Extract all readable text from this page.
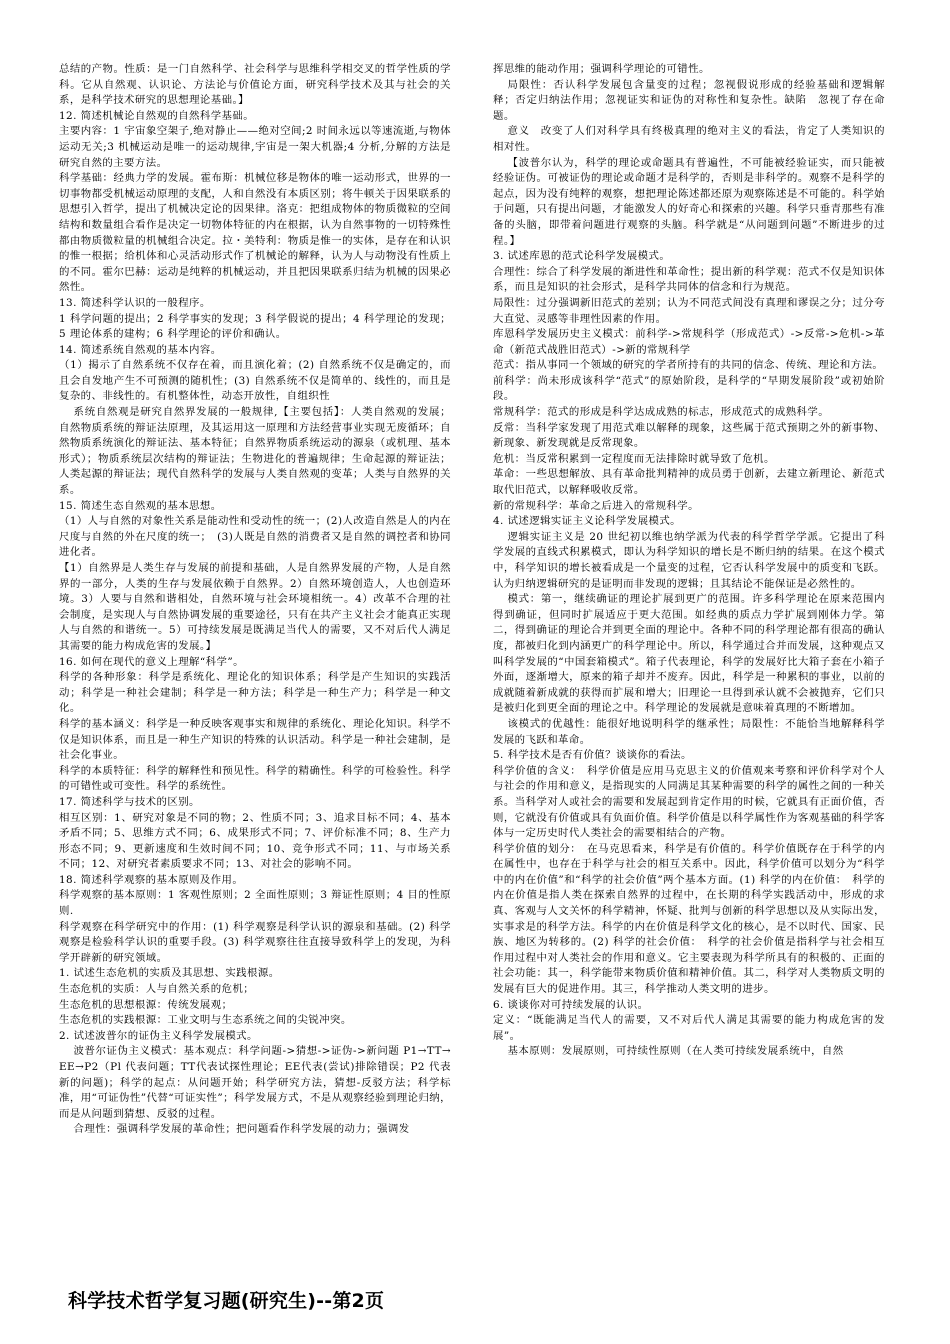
总结的产物。性质：是一门自然科学、社会科学与思维科学相交叉的哲学性质的学科。它从自然观、认识论、方法论与价值论方面，研究科学技术及其与社会的关系，是科学技术研究的思想理论基础。】

12. 简述机械论自然观的自然科学基础。

主要内容：1 宇宙象空架子,绝对静止——绝对空间;2 时间永远以等速流逝,与物体运动无关;3 机械运动是唯一的运动规律,宇宙是一架大机器;4 分析,分解的方法是研究自然的主要方法。

科学基础：经典力学的发展。霍布斯：机械位移是物体的唯一运动形式，世界的一切事物都受机械运动原理的支配，人和自然没有本质区别；将牛顿关于因果联系的思想引入哲学，提出了机械决定论的因果律。洛克：把组成物体的物质微粒的空间结构和数量组合看作是决定一切物体特征的内在根据，认为自然事物的一切特殊性都由物质微粒量的机械组合决定。拉・美特利：物质是惟一的实体，是存在和认识的惟一根据；给机体和心灵活动形式作了机械论的解释，认为人与动物没有性质上的不同。霍尔巴赫：运动是纯粹的机械运动，并且把因果联系归结为机械的因果必然性。

13. 简述科学认识的一般程序。

1 科学问题的提出；2 科学事实的发现；3 科学假说的提出；4 科学理论的发现；5 理论体系的建构；6 科学理论的评价和确认。

14. 简述系统自然观的基本内容。

（1）揭示了自然系统不仅存在着，而且演化着；(2) 自然系统不仅是确定的，而且会自发地产生不可预测的随机性；(3) 自然系统不仅是简单的、线性的，而且是复杂的、非线性的。有机整体性，动态开放性，自组织性

系统自然观是研究自然界发展的一般规律,【主要包括】：人类自然观的发展；自然物质系统的辩证法原理，及其运用这一原理和方法经营事业实现无废循环；自然物质系统演化的辩证法、基本特征；自然界物质系统运动的源泉（或机理、基本形式）；物质系统层次结构的辩证法；生物进化的普遍规律；生命起源的辩证法；人类起源的辩证法；现代自然科学的发展与人类自然观的变革；人类与自然界的关系。

15. 简述生态自然观的基本思想。

（1）人与自然的对象性关系是能动性和受动性的统一；(2)人改造自然是人的内在尺度与自然的外在尺度的统一；　(3)人既是自然的消费者又是自然的调控者和协同进化者。

【1）自然界是人类生存与发展的前提和基础，人是自然界发展的产物，人是自然界的一部分，人类的生存与发展依赖于自然界。2）自然环境创造人，人也创造环境。3）人要与自然和谐相处，自然环境与社会环境相统一。4）改革不合理的社会制度，是实现人与自然协调发展的重要途径，只有在共产主义社会才能真正实现人与自然的和谐统一。5）可持续发展是既满足当代人的需要，又不对后代人满足其需要的能力构成危害的发展。】

16. 如何在现代的意义上理解“科学”。

科学的各种形象：科学是系统化、理论化的知识体系；科学是产生知识的实践活动；科学是一种社会建制；科学是一种方法；科学是一种生产力；科学是一种文化。

科学的基本涵义：科学是一种反映客观事实和规律的系统化、理论化知识。科学不仅是知识体系，而且是一种生产知识的特殊的认识活动。科学是一种社会建制，是社会化事业。

科学的本质特征：科学的解释性和预见性。科学的精确性。科学的可检验性。科学的可错性或可变性。科学的系统性。

17. 简述科学与技术的区别。

相互区别：1、研究对象是不同的物；2、性质不同；3、追求目标不同；4、基本矛盾不同；5、思维方式不同；6、成果形式不同；7、评价标准不同；8、生产力形态不同；9、更新速度和生效时间不同；10、竞争形式不同；11、与市场关系不同；12、对研究者素质要求不同；13、对社会的影响不同。

18. 简述科学观察的基本原则及作用。

科学观察的基本原则：1 客观性原则；2 全面性原则；3 辩证性原则；4 目的性原则.

科学观察在科学研究中的作用：(1) 科学观察是科学认识的源泉和基础。(2) 科学观察是检验科学认识的重要手段。(3) 科学观察往往直接导致科学上的发现，为科学开辟新的研究领域。

1. 试述生态危机的实质及其思想、实践根源。

生态危机的实质：人与自然关系的危机；

生态危机的思想根源：传统发展观；

生态危机的实践根源：工业文明与生态系统之间的尖锐冲突。

2. 试述波普尔的证伪主义科学发展模式。

波普尔证伪主义模式：基本观点：科学问题->猜想->证伪->新问题 P1→TT→EE→P2（Pl 代表问题；TT代表试探性理论；EE代表(尝试)排除错误；P2 代表新的问题)；科学的起点：从问题开始；科学研究方法，猜想-反驳方法；科学标准，用“可证伪性”代替“可证实性”；科学发展方式，不是从观察经验到理论归纳，而是从问题到猜想、反驳的过程。

合理性：强调科学发展的革命性；把问题看作科学发展的动力；强调发

挥思维的能动作用；强调科学理论的可错性。

局限性：否认科学发展包含量变的过程；忽视假说形成的经验基础和逻辑解释；否定归纳法作用；忽视证实和证伪的对称性和复杂性。缺陷　忽视了存在命题。

意义　改变了人们对科学具有终极真理的绝对主义的看法，肯定了人类知识的相对性。

【波普尔认为，科学的理论或命题具有普遍性，不可能被经验证实，而只能被经验证伪。可被证伪的理论或命题才是科学的，否则是非科学的。观察不是科学的起点，因为没有纯粹的观察，想把理论陈述都还原为观察陈述是不可能的。科学始于问题，只有提出问题，才能激发人的好奇心和探索的兴趣。科学只垂青那些有准备的头脑，即带着问题进行观察的头脑。科学就是“从问题到问题”不断进步的过程。】

3. 试述库恩的范式论科学发展模式。

合理性：综合了科学发展的渐进性和革命性；提出新的科学观：范式不仅是知识体系，而且是知识的社会形式，是科学共同体的信念和行为规范。

局限性：过分强调新旧范式的差别；认为不同范式间没有真理和谬误之分；过分夸大直觉、灵感等非理性因素的作用。

库恩科学发展历史主义模式：前科学->常规科学（形成范式）->反常->危机->革命（新范式战胜旧范式）->新的常规科学

范式：指从事同一个领域的研究的学者所持有的共同的信念、传统、理论和方法。

前科学：尚未形成该科学“范式”的原始阶段，是科学的“早期发展阶段”或初始阶段。

常规科学：范式的形成是科学达成成熟的标志，形成范式的成熟科学。

反常：当科学家发现了用范式难以解释的现象，这些属于范式预期之外的新事物、新现象、新发现就是反常现象。

危机：当反常积累到一定程度而无法排除时就导致了危机。

革命：一些思想解放、具有革命批判精神的成员勇于创新，去建立新理论、新范式取代旧范式，以解释吸收反常。

新的常规科学：革命之后进入的常规科学。

4. 试述逻辑实证主义论科学发展模式。

逻辑实证主义是 20 世纪初以维也纳学派为代表的科学哲学学派。它提出了科学发展的直线式积累模式，即认为科学知识的增长是不断归纳的结果。在这个模式中，科学知识的增长被看成是一个量变的过程，它否认科学发展中的质变和飞跃。认为归纳逻辑研究的是证明而非发现的逻辑；且其结论不能保证是必然性的。

模式：第一，继续确证的理论扩展到更广的范围。许多科学理论在原来范围内得到确证，但同时扩展适应于更大范围。如经典的质点力学扩展到刚体力学。第二，得到确证的理论合并到更全面的理论中。各种不同的科学理论都有很高的确认度，都被归化到内涵更广的科学理论中。所以，科学通过合并而发展，这种观点又叫科学发展的“中国套箱模式”。箱子代表理论，科学的发展好比大箱子套在小箱子外面，逐渐增大，原来的箱子却并不废弃。因此，科学是一种累积的事业，以前的成就随着新成就的获得而扩展和增大；旧理论一旦得到承认就不会被抛弃，它们只是被归化到更全面的理论之中。科学理论的发展就是意味着真理的不断增加。

该模式的优越性：能很好地说明科学的继承性；局限性：不能恰当地解释科学发展的飞跃和革命。

5. 科学技术是否有价值？谈谈你的看法。

科学价值的含义：　科学价值是应用马克思主义的价值观来考察和评价科学对个人与社会的作用和意义，是指现实的人同满足其某种需要的科学的属性之间的一种关系。当科学对人或社会的需要和发展起到肯定作用的时候，它就具有正面价值，否则，它就没有价值或具有负面价值。科学价值是以科学属性作为客观基础的科学客体与一定历史时代人类社会的需要相结合的产物。

科学价值的划分：　在马克思看来，科学是有价值的。科学价值既存在于科学的内在属性中，也存在于科学与社会的相互关系中。因此，科学价值可以划分为“科学中的内在价值”和“科学的社会价值”两个基本方面。(1) 科学的内在价值：　科学的内在价值是指人类在探索自然界的过程中，在长期的科学实践活动中，形成的求真、客观与人文关怀的科学精神，怀疑、批判与创新的科学思想以及从实际出发，实事求是的科学方法。科学的内在价值是科学文化的核心，是不以时代、国家、民族、地区为转移的。(2) 科学的社会价值：　科学的社会价值是指科学与社会相互作用过程中对人类社会的作用和意义。它主要表现为科学所具有的积极的、正面的社会功能：其一，科学能带来物质价值和精神价值。其二，科学对人类物质文明的发展有巨大的促进作用。其三，科学推动人类文明的进步。

6. 谈谈你对可持续发展的认识。

定义：“既能满足当代人的需要，又不对后代人满足其需要的能力构成危害的发展”。

基本原则：发展原则，可持续性原则（在人类可持续发展系统中，自然

科学技术哲学复习题(研究生)--第2页
